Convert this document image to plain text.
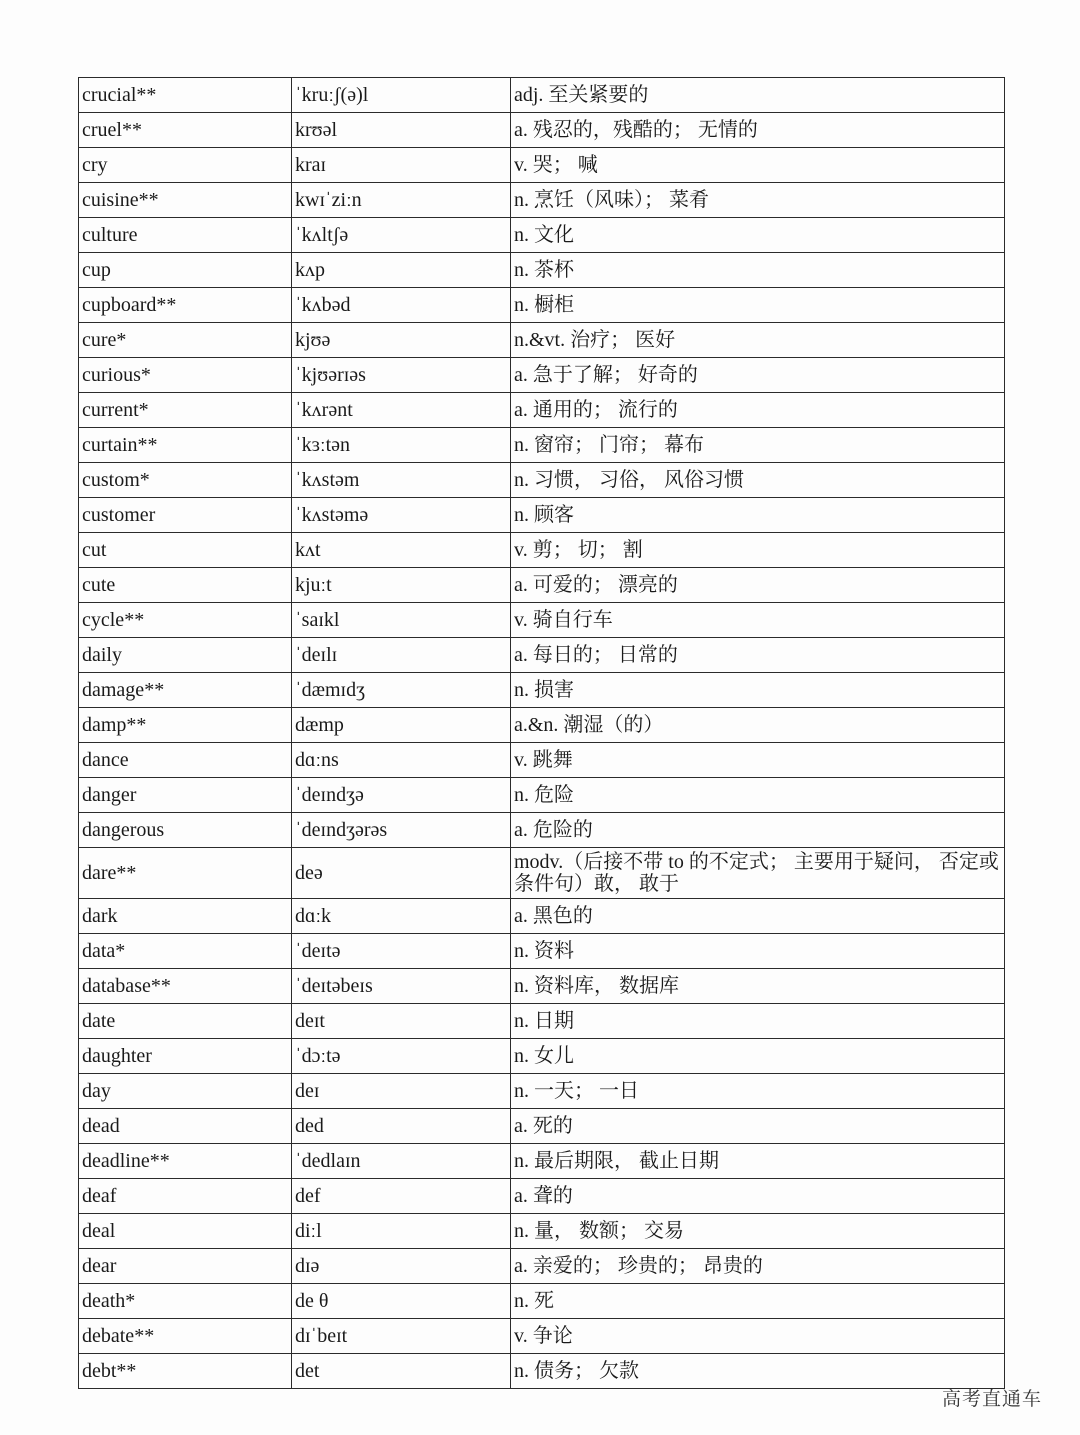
crucial**	ˈkruːʃ(ə)l	adj. 至关紧要的
cruel**	krʊəl	a. 残忍的，残酷的； 无情的
cry	kraɪ	v. 哭； 喊
cuisine**	kwɪˈziːn	n. 烹饪（风味）； 菜肴
culture	ˈkʌltʃə	n. 文化
cup	kʌp	n. 茶杯
cupboard**	ˈkʌbəd	n. 橱柜
cure*	kjʊə	n.&vt. 治疗； 医好
curious*	ˈkjʊərɪəs	a. 急于了解； 好奇的
current*	ˈkʌrənt	a. 通用的； 流行的
curtain**	ˈkɜːtən	n. 窗帘； 门帘； 幕布
custom*	ˈkʌstəm	n. 习惯， 习俗， 风俗习惯
customer	ˈkʌstəmə	n. 顾客
cut	kʌt	v. 剪； 切； 割
cute	kjuːt	a. 可爱的； 漂亮的
cycle**	ˈsaɪkl	v. 骑自行车
daily	ˈdeɪlɪ	a. 每日的； 日常的
damage**	ˈdæmɪdʒ	n. 损害
damp**	dæmp	a.&n. 潮湿（的）
dance	dɑːns	v. 跳舞
danger	ˈdeɪndʒə	n. 危险
dangerous	ˈdeɪndʒərəs	a. 危险的
dare**	deə	modv.（后接不带 to 的不定式； 主要用于疑问， 否定或条件句）敢， 敢于
dark	dɑːk	a. 黑色的
data*	ˈdeɪtə	n. 资料
database**	ˈdeɪtəbeɪs	n. 资料库， 数据库
date	deɪt	n. 日期
daughter	ˈdɔːtə	n. 女儿
day	deɪ	n. 一天； 一日
dead	ded	a. 死的
deadline**	ˈdedlaɪn	n. 最后期限， 截止日期
deaf	def	a. 聋的
deal	diːl	n. 量， 数额； 交易
dear	dɪə	a. 亲爱的； 珍贵的； 昂贵的
death*	de θ	n. 死
debate**	dɪˈbeɪt	v. 争论
debt**	det	n. 债务； 欠款
高考直通车
